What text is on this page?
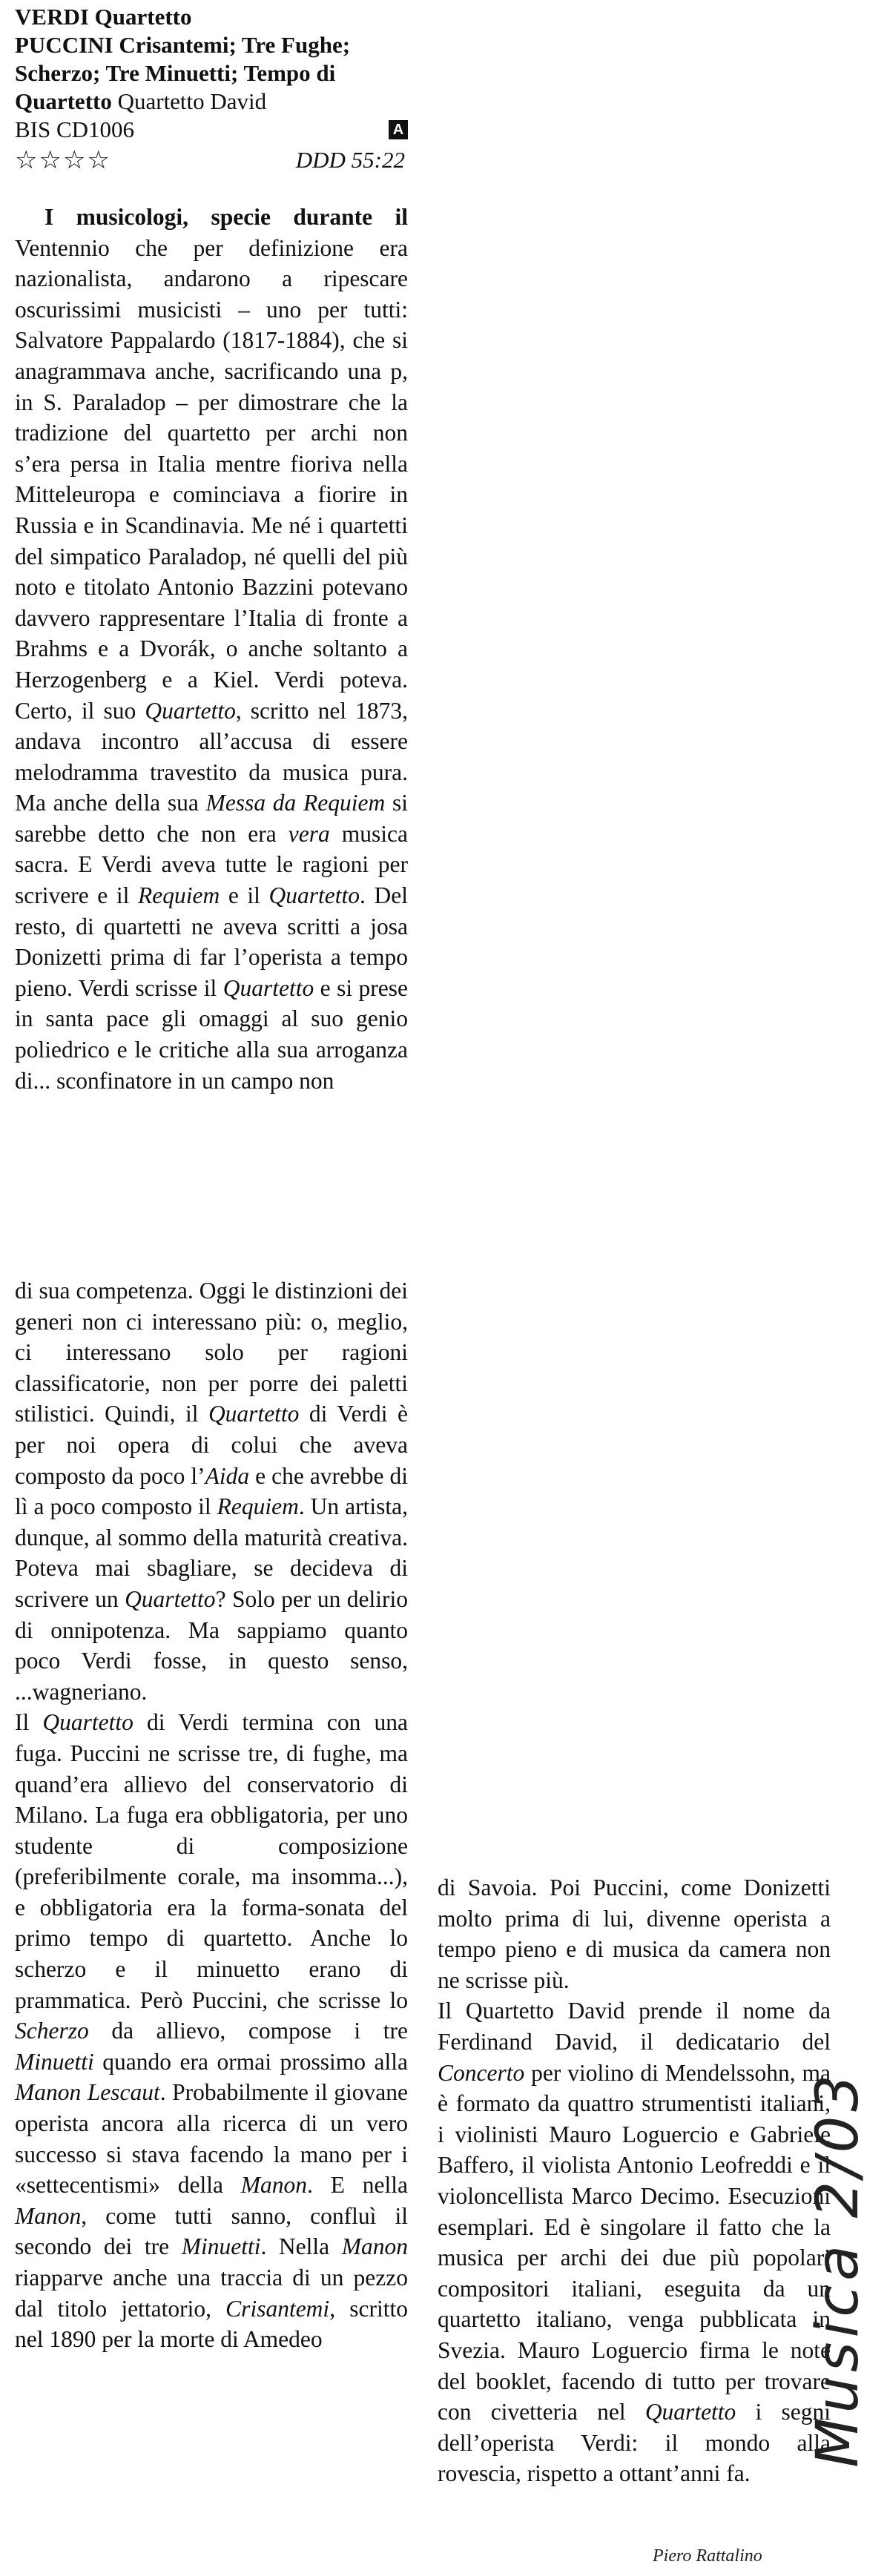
VERDI Quartetto
PUCCINI Crisantemi; Tre Fughe;
Scherzo; Tre Minuetti; Tempo di
Quartetto Quartetto David
BIS CD1006	A
☆☆☆☆	DDD 55:22

I musicologi, specie durante il Ventennio che per definizione era nazionalista, andarono a ripescare oscurissimi musicisti – uno per tutti: Salvatore Pappalardo (1817-1884), che si anagrammava anche, sacrificando una p, in S. Paraladop – per dimostrare che la tradizione del quartetto per archi non s’era persa in Italia mentre fioriva nella Mitteleuropa e cominciava a fiorire in Russia e in Scandinavia. Me né i quartetti del simpatico Paraladop, né quelli del più noto e titolato Antonio Bazzini potevano davvero rappresentare l’Italia di fronte a Brahms e a Dvorák, o anche soltanto a Herzogenberg e a Kiel. Verdi poteva. Certo, il suo Quartetto, scritto nel 1873, andava incontro all’accusa di essere melodramma travestito da musica pura. Ma anche della sua Messa da Requiem si sarebbe detto che non era vera musica sacra. E Verdi aveva tutte le ragioni per scrivere e il Requiem e il Quartetto. Del resto, di quartetti ne aveva scritti a josa Donizetti prima di far l’operista a tempo pieno. Verdi scrisse il Quartetto e si prese in santa pace gli omaggi al suo genio poliedrico e le critiche alla sua arroganza di... sconfinatore in un campo non

di sua competenza. Oggi le distinzioni dei generi non ci interessano più: o, meglio, ci interessano solo per ragioni classificatorie, non per porre dei paletti stilistici. Quindi, il Quartetto di Verdi è per noi opera di colui che aveva composto da poco l’Aida e che avrebbe di lì a poco composto il Requiem. Un artista, dunque, al sommo della maturità creativa. Poteva mai sbagliare, se decideva di scrivere un Quartetto? Solo per un delirio di onnipotenza. Ma sappiamo quanto poco Verdi fosse, in questo senso, ...wagneriano.

Il Quartetto di Verdi termina con una fuga. Puccini ne scrisse tre, di fughe, ma quand’era allievo del conservatorio di Milano. La fuga era obbligatoria, per uno studente di composizione (preferibilmente corale, ma insomma...), e obbligatoria era la forma-sonata del primo tempo di quartetto. Anche lo scherzo e il minuetto erano di prammatica. Però Puccini, che scrisse lo Scherzo da allievo, compose i tre Minuetti quando era ormai prossimo alla Manon Lescaut. Probabilmente il giovane operista ancora alla ricerca di un vero successo si stava facendo la mano per i «settecentismi» della Manon. E nella Manon, come tutti sanno, confluì il secondo dei tre Minuetti. Nella Manon riapparve anche una traccia di un pezzo dal titolo jettatorio, Crisantemi, scritto nel 1890 per la morte di Amedeo

di Savoia. Poi Puccini, come Donizetti molto prima di lui, divenne operista a tempo pieno e di musica da camera non ne scrisse più.

Il Quartetto David prende il nome da Ferdinand David, il dedicatario del Concerto per violino di Mendelssohn, ma è formato da quattro strumentisti italiani, i violinisti Mauro Loguercio e Gabriele Baffero, il violista Antonio Leofreddi e il violoncellista Marco Decimo. Esecuzioni esemplari. Ed è singolare il fatto che la musica per archi dei due più popolari compositori italiani, eseguita da un quartetto italiano, venga pubblicata in Svezia. Mauro Loguercio firma le note del booklet, facendo di tutto per trovare con civetteria nel Quartetto i segni dell’operista Verdi: il mondo alla rovescia, rispetto a ottant’anni fa.

Piero Rattalino
Musica 2/03
